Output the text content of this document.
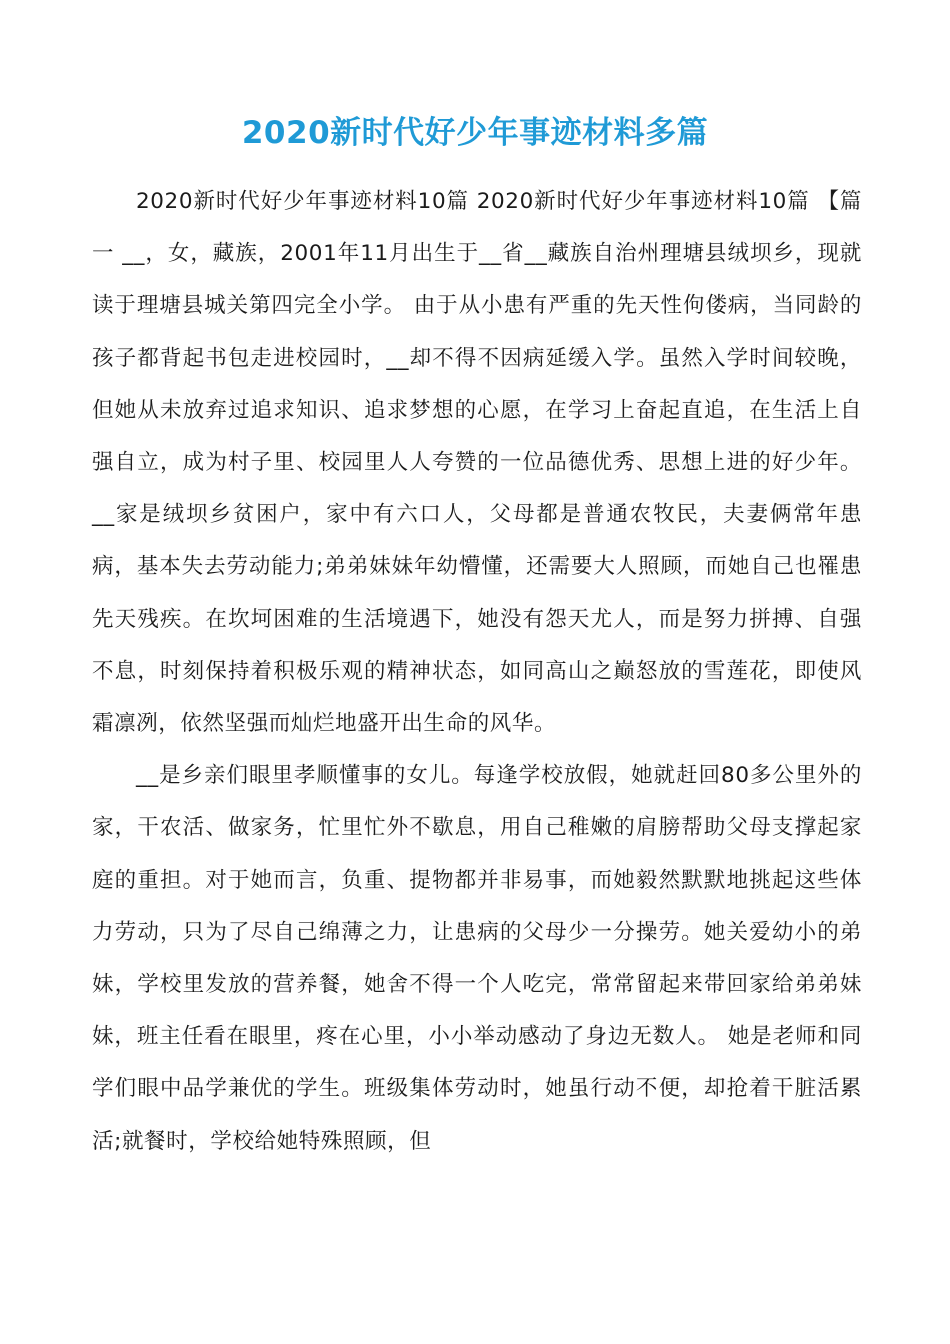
2020新时代好少年事迹材料多篇

2020新时代好少年事迹材料10篇 2020新时代好少年事迹材料10篇 【篇一 __，女，藏族，2001年11月出生于__省__藏族自治州理塘县绒坝乡，现就读于理塘县城关第四完全小学。 由于从小患有严重的先天性佝偻病，当同龄的孩子都背起书包走进校园时，__却不得不因病延缓入学。虽然入学时间较晚，但她从未放弃过追求知识、追求梦想的心愿，在学习上奋起直追，在生活上自强自立，成为村子里、校园里人人夸赞的一位品德优秀、思想上进的好少年。 __家是绒坝乡贫困户，家中有六口人，父母都是普通农牧民，夫妻俩常年患病，基本失去劳动能力;弟弟妹妹年幼懵懂，还需要大人照顾，而她自己也罹患先天残疾。在坎坷困难的生活境遇下，她没有怨天尤人，而是努力拼搏、自强不息，时刻保持着积极乐观的精神状态，如同高山之巅怒放的雪莲花，即使风霜凛冽，依然坚强而灿烂地盛开出生命的风华。

__是乡亲们眼里孝顺懂事的女儿。每逢学校放假，她就赶回80多公里外的家，干农活、做家务，忙里忙外不歇息，用自己稚嫩的肩膀帮助父母支撑起家庭的重担。对于她而言，负重、提物都并非易事，而她毅然默默地挑起这些体力劳动，只为了尽自己绵薄之力，让患病的父母少一分操劳。她关爱幼小的弟妹，学校里发放的营养餐，她舍不得一个人吃完，常常留起来带回家给弟弟妹妹，班主任看在眼里，疼在心里，小小举动感动了身边无数人。 她是老师和同学们眼中品学兼优的学生。班级集体劳动时，她虽行动不便，却抢着干脏活累活;就餐时，学校给她特殊照顾，但
